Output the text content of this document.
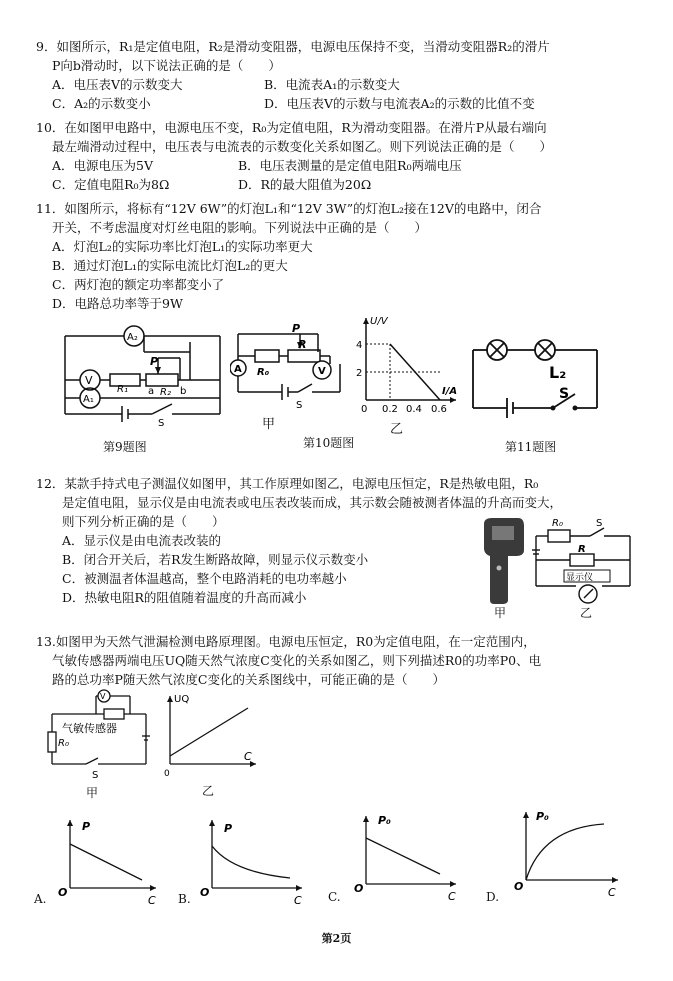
9．如图所示，R₁是定值电阻，R₂是滑动变阻器，电源电压保持不变，当滑动变阻器R₂的滑片
P向b滑动时，以下说法正确的是（　　）
A．电压表V的示数变大	B．电流表A₁的示数变大
C．A₂的示数变小	D．电压表V的示数与电流表A₂的示数的比值不变
10．在如图甲电路中，电源电压不变，R₀为定值电阻，R为滑动变阻器。在滑片P从最右端向
最左端滑动过程中，电压表与电流表的示数变化关系如图乙。则下列说法正确的是（　　）
A．电源电压为5V	B．电压表测量的是定值电阻R₀两端电压
C．定值电阻R₀为8Ω	D．R的最大阻值为20Ω
11．如图所示，将标有“12V 6W”的灯泡L₁和“12V 3W”的灯泡L₂接在12V的电路中，闭合
开关，不考虑温度对灯丝电阻的影响。下列说法中正确的是（　　）
A．灯泡L₂的实际功率比灯泡L₁的实际功率更大
B．通过灯泡L₁的实际电流比灯泡L₂的更大
C．两灯泡的额定功率都变小了
D．电路总功率等于9W
V
A₁
A₂
R₁	R₂
a	b
P
S
第9题图
P
R₀
R
A	V
S
甲
第10题图
U/V
I/A
4
2
0 0.2 0.4 0.6
乙
L₂
S
第11题图
12．某款手持式电子测温仪如图甲，其工作原理如图乙，电源电压恒定，R是热敏电阻，R₀
是定值电阻，显示仪是由电流表或电压表改装而成，其示数会随被测者体温的升高而变大，
则下列分析正确的是（　　）
A．显示仪是由电流表改装的
B．闭合开关后，若R发生断路故障，则显示仪示数变小
C．被测温者体温越高，整个电路消耗的电功率越小
D．热敏电阻R的阻值随着温度的升高而减小
甲
R₀
R
S
显示仪
乙
13.如图甲为天然气泄漏检测电路原理图。电源电压恒定，R0为定值电阻，在一定范围内，
气敏传感器两端电压UQ随天然气浓度C变化的关系如图乙，则下列描述R0的功率P0、电
路的总功率P随天然气浓度C变化的关系图线中，可能正确的是（　　）
V
气敏传感器
R₀
S
甲
UQ
C
0
乙
A.
P
C
O	B.
P
C
O	C.
P₀
C
O
D.
P₀
C
O
第2页
